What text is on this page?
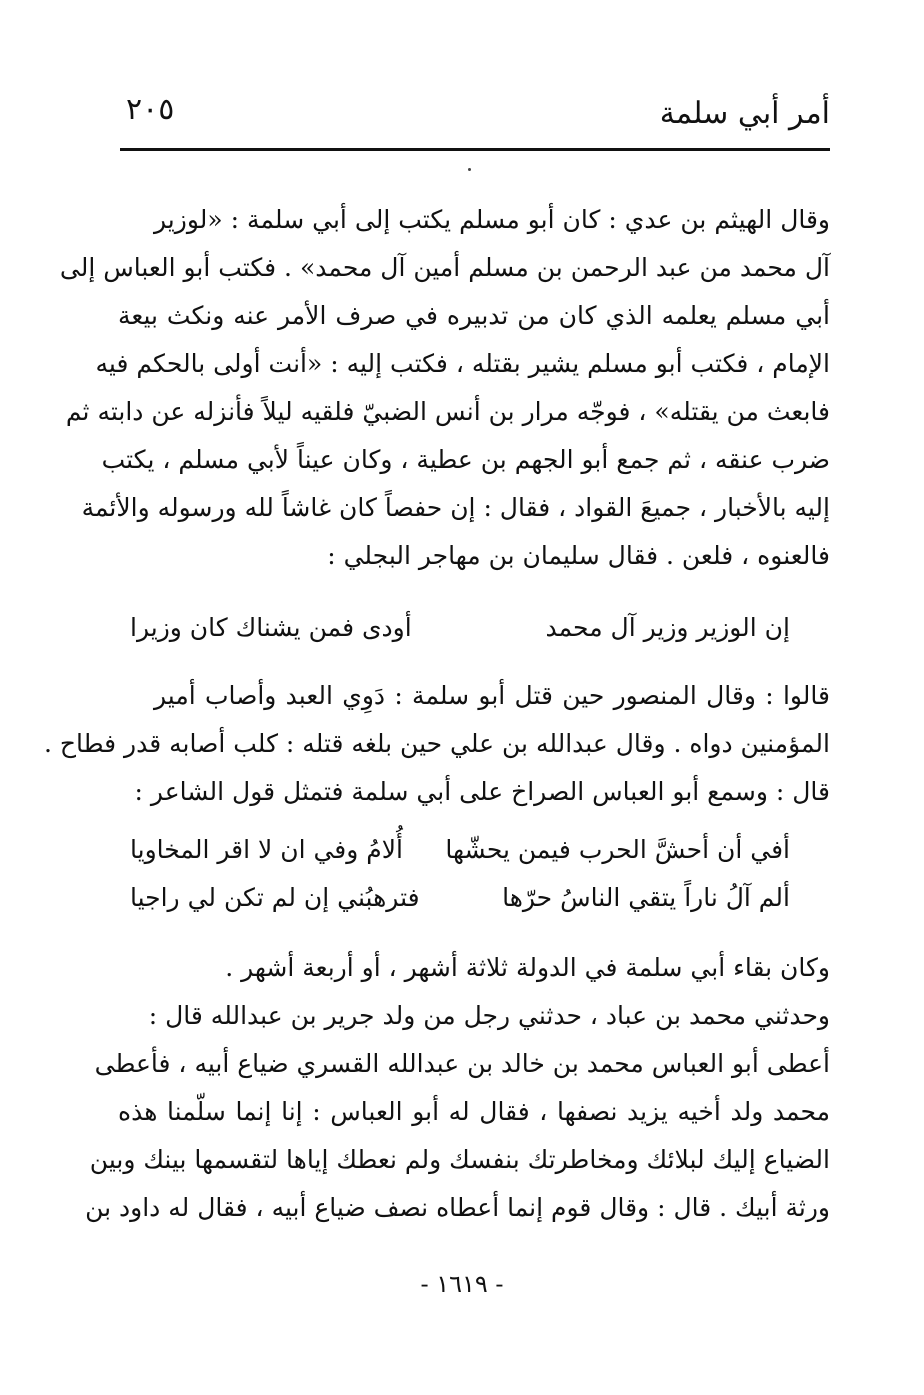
أمر أبي سلمة
٢٠٥
وقال الهيثم بن عدي : كان أبو مسلم يكتب إلى أبي سلمة : «لوزير
آل محمد من عبد الرحمن بن مسلم أمين آل محمد» . فكتب أبو العباس إلى
أبي مسلم يعلمه الذي كان من تدبيره في صرف الأمر عنه ونكث بيعة
الإمام ، فكتب أبو مسلم يشير بقتله ، فكتب إليه : «أنت أولى بالحكم فيه
فابعث من يقتله» ، فوجّه مرار بن أنس الضبيّ فلقيه ليلاً فأنزله عن دابته ثم
ضرب عنقه ، ثم جمع أبو الجهم بن عطية ، وكان عيناً لأبي مسلم ، يكتب
إليه بالأخبار ، جميعَ القواد ، فقال : إن حفصاً كان غاشاً لله ورسوله والأئمة
فالعنوه ، فلعن . فقال سليمان بن مهاجر البجلي :
إن الوزير وزير آل محمد
أودى فمن يشناك كان وزيرا
قالوا : وقال المنصور حين قتل أبو سلمة : دَوِي العبد وأصاب أمير
المؤمنين دواه . وقال عبدالله بن علي حين بلغه قتله : كلب أصابه قدر فطاح .
قال : وسمع أبو العباس الصراخ على أبي سلمة فتمثل قول الشاعر :
أفي أن أحشَّ الحرب فيمن يحشّها
أُلامُ وفي ان لا اقر المخاويا
ألم آلُ ناراً يتقي الناسُ حرّها
فترهبُني إن لم تكن لي راجيا
وكان بقاء أبي سلمة في الدولة ثلاثة أشهر ، أو أربعة أشهر .
وحدثني محمد بن عباد ، حدثني رجل من ولد جرير بن عبدالله قال :
أعطى أبو العباس محمد بن خالد بن عبدالله القسري ضياع أبيه ، فأعطى
محمد ولد أخيه يزيد نصفها ، فقال له أبو العباس : إنا إنما سلّمنا هذه
الضياع إليك لبلائك ومخاطرتك بنفسك ولم نعطك إياها لتقسمها بينك وبين
ورثة أبيك . قال : وقال قوم إنما أعطاه نصف ضياع أبيه ، فقال له داود بن
- ١٦١٩ -
